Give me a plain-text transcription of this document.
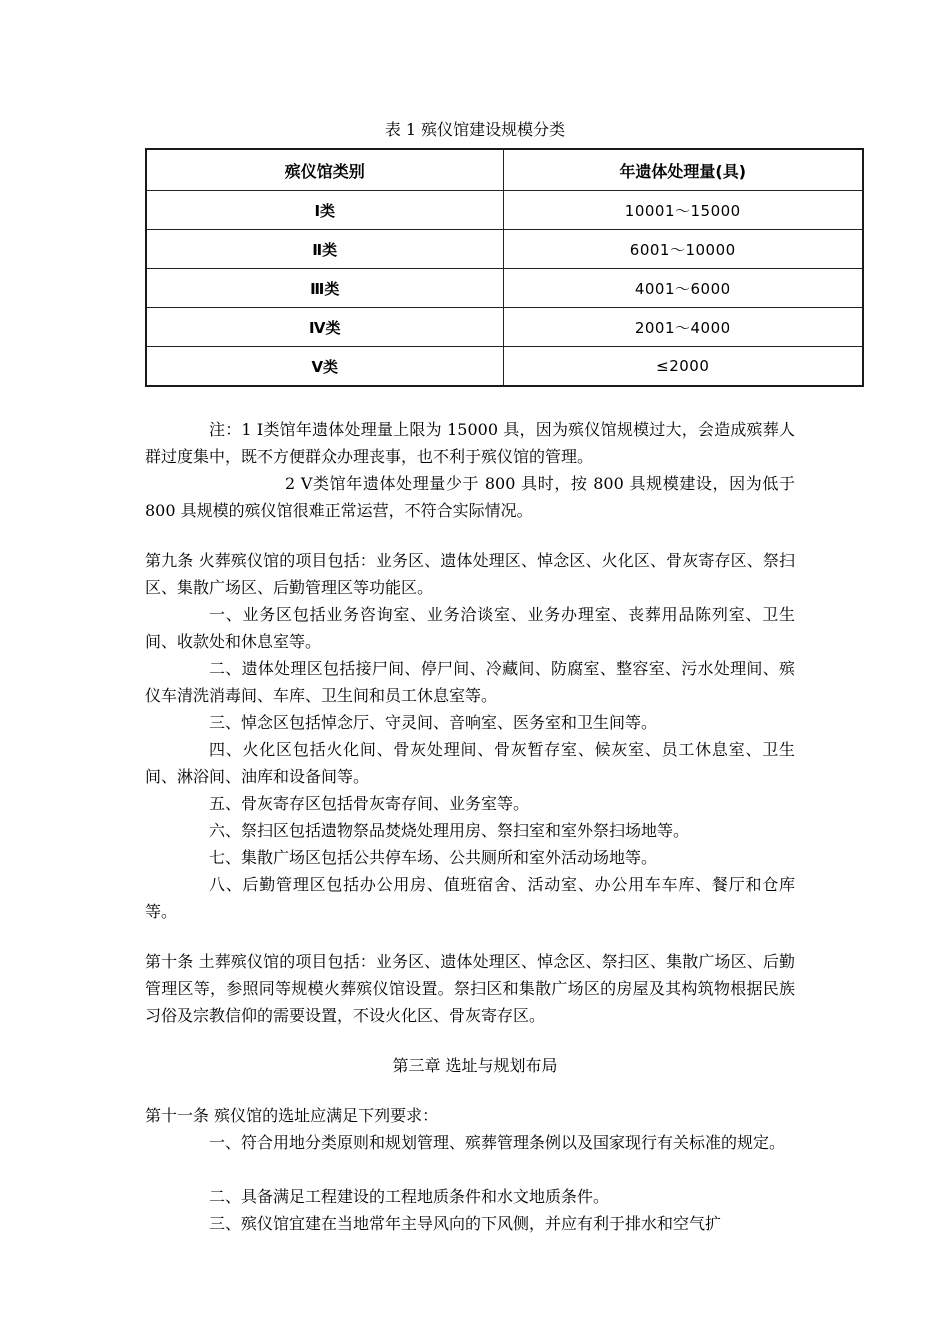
表 1 殡仪馆建设规模分类
殡仪馆类别	年遗体处理量(具)
Ⅰ类	10001～15000
Ⅱ类	6001～10000
Ⅲ类	4001～6000
Ⅳ类	2001～4000
Ⅴ类	≤2000

注：1 Ⅰ类馆年遗体处理量上限为 15000 具，因为殡仪馆规模过大，会造成殡葬人群过度集中，既不方便群众办理丧事，也不利于殡仪馆的管理。

2 Ⅴ类馆年遗体处理量少于 800 具时，按 800 具规模建设，因为低于 800 具规模的殡仪馆很难正常运营，不符合实际情况。

第九条 火葬殡仪馆的项目包括：业务区、遗体处理区、悼念区、火化区、骨灰寄存区、祭扫区、集散广场区、后勤管理区等功能区。

一、业务区包括业务咨询室、业务洽谈室、业务办理室、丧葬用品陈列室、卫生间、收款处和休息室等。

二、遗体处理区包括接尸间、停尸间、冷藏间、防腐室、整容室、污水处理间、殡仪车清洗消毒间、车库、卫生间和员工休息室等。

三、悼念区包括悼念厅、守灵间、音响室、医务室和卫生间等。

四、火化区包括火化间、骨灰处理间、骨灰暂存室、候灰室、员工休息室、卫生间、淋浴间、油库和设备间等。

五、骨灰寄存区包括骨灰寄存间、业务室等。

六、祭扫区包括遗物祭品焚烧处理用房、祭扫室和室外祭扫场地等。

七、集散广场区包括公共停车场、公共厕所和室外活动场地等。

八、后勤管理区包括办公用房、值班宿舍、活动室、办公用车车库、餐厅和仓库等。

第十条 土葬殡仪馆的项目包括：业务区、遗体处理区、悼念区、祭扫区、集散广场区、后勤管理区等，参照同等规模火葬殡仪馆设置。祭扫区和集散广场区的房屋及其构筑物根据民族习俗及宗教信仰的需要设置，不设火化区、骨灰寄存区。

第三章 选址与规划布局

第十一条 殡仪馆的选址应满足下列要求：

一、符合用地分类原则和规划管理、殡葬管理条例以及国家现行有关标准的规定。

二、具备满足工程建设的工程地质条件和水文地质条件。

三、殡仪馆宜建在当地常年主导风向的下风侧，并应有利于排水和空气扩
